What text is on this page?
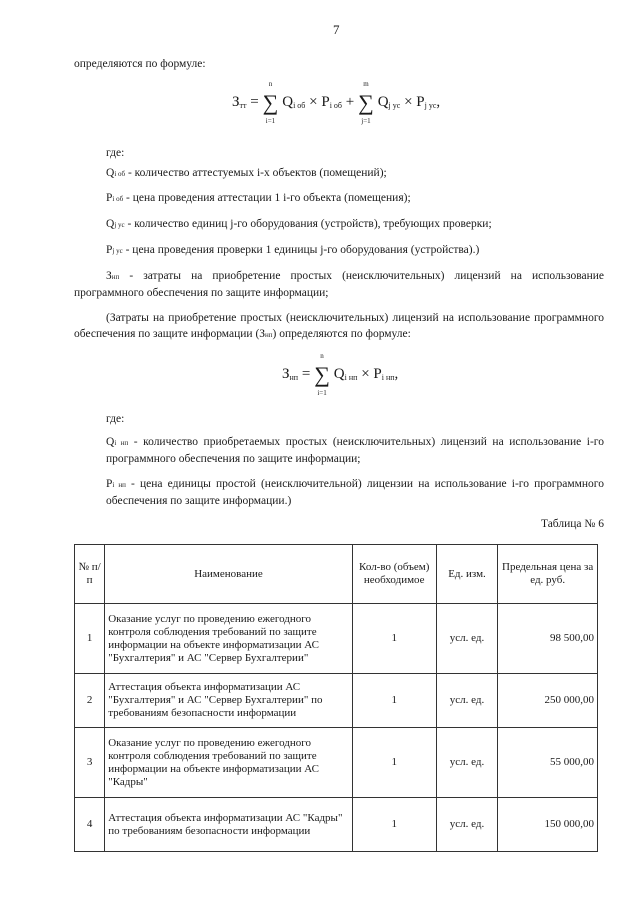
7

определяются по формуле:

$З_{тт}$ = ∑
n
i=1
$Q_{i об} \times P_{i об}$ + ∑
m
j=1
$Q_{j ус} \times P_{j ус}$,

где:

Qi об - количество аттестуемых i-х объектов (помещений);

Pi об - цена проведения аттестации 1 i-го объекта (помещения);

Qj ус - количество единиц j-го оборудования (устройств), требующих проверки;

Pj ус - цена проведения проверки 1 единицы j-го оборудования (устройства).)

Знп - затраты на приобретение простых (неисключительных) лицензий на использование программного обеспечения по защите информации;

(Затраты на приобретение простых (неисключительных) лицензий на использование программного обеспечения по защите информации (Знп) определяются по формуле:

$З_{нп}$ = ∑
n
i=1
$Q_{i нп} \times P_{i нп}$,

где:

Qi нп - количество приобретаемых простых (неисключительных) лицензий на использование i-го программного обеспечения по защите информации;

Pi нп - цена единицы простой (неисключительной) лицензии на использование i-го программного обеспечения по защите информации.)

Таблица № 6
№ п/п	Наименование	Кол-во (объем) необходимое	Ед. изм.	Предельная цена за ед. руб.
1	Оказание услуг по проведению ежегодного контроля соблюдения требований по защите информации на объекте информатизации АС "Бухгалтерия" и АС "Сервер Бухгалтерии"	1	усл. ед.	98 500,00
2	Аттестация объекта информатизации АС "Бухгалтерия" и АС "Сервер Бухгалтерии" по требованиям безопасности информации	1	усл. ед.	250 000,00
3	Оказание услуг по проведению ежегодного контроля соблюдения требований по защите информации на объекте информатизации АС "Кадры"	1	усл. ед.	55 000,00
4	Аттестация объекта информатизации АС "Кадры" по требованиям безопасности информации	1	усл. ед.	150 000,00
